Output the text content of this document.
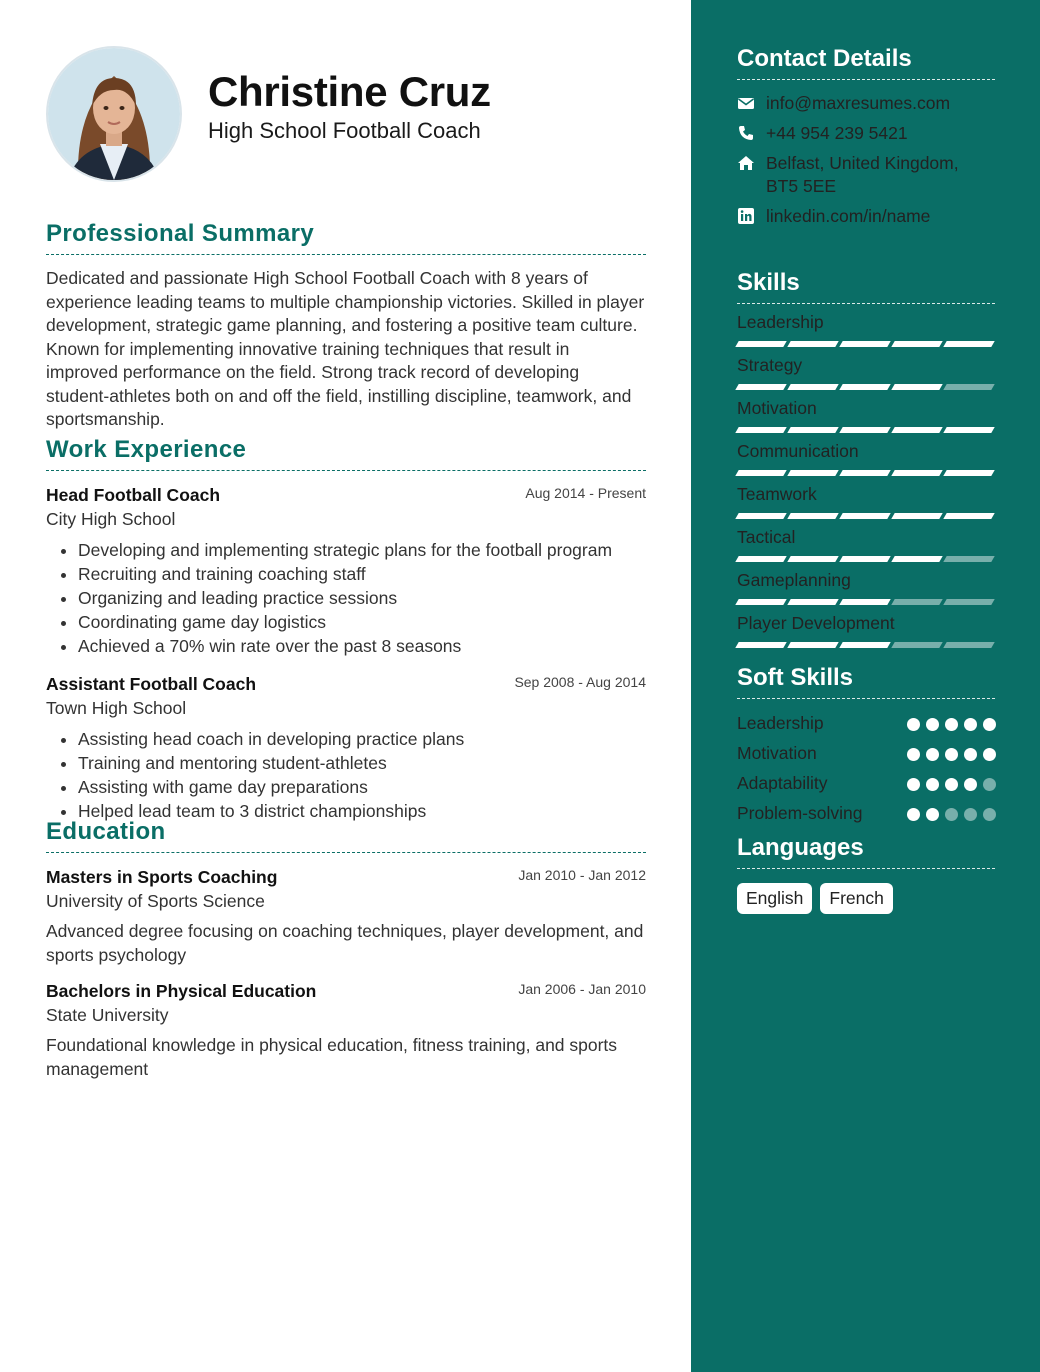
Christine Cruz
High School Football Coach
Professional Summary
Dedicated and passionate High School Football Coach with 8 years of experience leading teams to multiple championship victories. Skilled in player development, strategic game planning, and fostering a positive team culture. Known for implementing innovative training techniques that result in improved performance on the field. Strong track record of developing student-athletes both on and off the field, instilling discipline, teamwork, and sportsmanship.
Work Experience
Head Football Coach	Aug 2014 - Present
City High School
• Developing and implementing strategic plans for the football program
• Recruiting and training coaching staff
• Organizing and leading practice sessions
• Coordinating game day logistics
• Achieved a 70% win rate over the past 8 seasons
Assistant Football Coach	Sep 2008 - Aug 2014
Town High School
• Assisting head coach in developing practice plans
• Training and mentoring student-athletes
• Assisting with game day preparations
• Helped lead team to 3 district championships
Education
Masters in Sports Coaching	Jan 2010 - Jan 2012
University of Sports Science
Advanced degree focusing on coaching techniques, player development, and sports psychology
Bachelors in Physical Education	Jan 2006 - Jan 2010
State University
Foundational knowledge in physical education, fitness training, and sports management
Contact Details
info@maxresumes.com
+44 954 239 5421
Belfast, United Kingdom, BT5 5EE
linkedin.com/in/name
Skills
Leadership
Strategy
Motivation
Communication
Teamwork
Tactical
Gameplanning
Player Development
Soft Skills
Leadership
Motivation
Adaptability
Problem-solving
Languages
English	French
